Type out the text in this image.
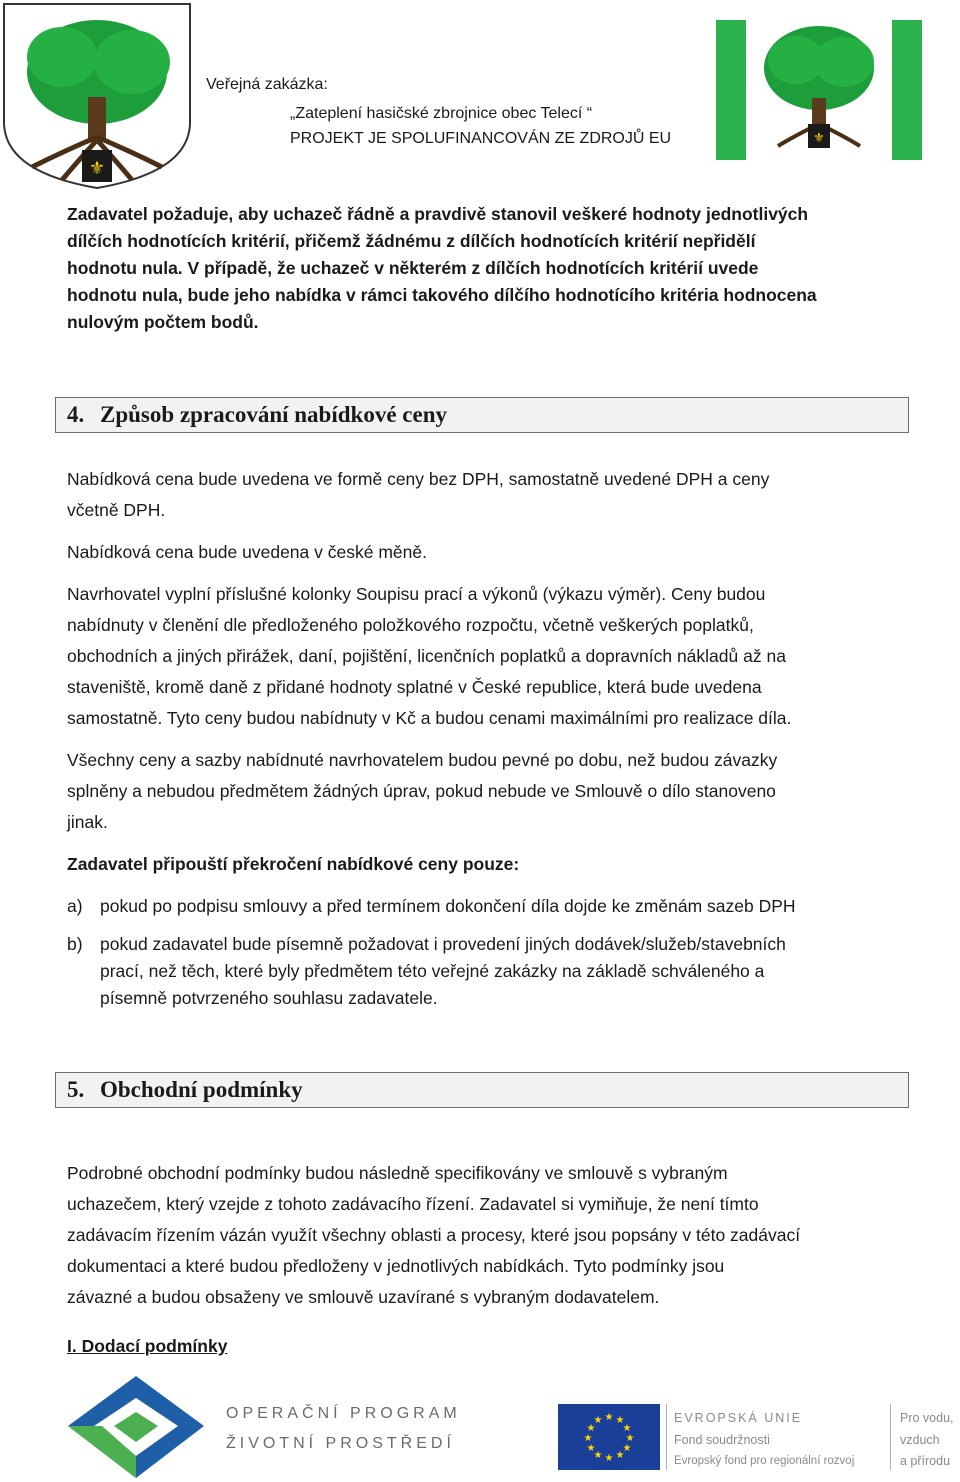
⚜
⚜
Veřejná zakázka:
„Zateplení hasičské zbrojnice obec Telecí “
PROJEKT JE SPOLUFINANCOVÁN ZE ZDROJŮ EU
Zadavatel požaduje, aby uchazeč řádně a pravdivě stanovil veškeré hodnoty jednotlivých
dílčích hodnotících kritérií, přičemž žádnému z dílčích hodnotících kritérií nepřidělí
hodnotu nula. V případě, že uchazeč v některém z dílčích hodnotících kritérií uvede
hodnotu nula, bude jeho nabídka v rámci takového dílčího hodnotícího kritéria hodnocena
nulovým počtem bodů.
4. Způsob zpracování nabídkové ceny
Nabídková cena bude uvedena ve formě ceny bez DPH, samostatně uvedené DPH a ceny
včetně DPH.
Nabídková cena bude uvedena v české měně.
Navrhovatel vyplní příslušné kolonky Soupisu prací a výkonů (výkazu výměr). Ceny budou
nabídnuty v členění dle předloženého položkového rozpočtu, včetně veškerých poplatků,
obchodních a jiných přirážek, daní, pojištění, licenčních poplatků a dopravních nákladů až na
staveniště, kromě daně z přidané hodnoty splatné v České republice, která bude uvedena
samostatně. Tyto ceny budou nabídnuty v Kč a budou cenami maximálními pro realizace díla.
Všechny ceny a sazby nabídnuté navrhovatelem budou pevné po dobu, než budou závazky
splněny a nebudou předmětem žádných úprav, pokud nebude ve Smlouvě o dílo stanoveno
jinak.
Zadavatel připouští překročení nabídkové ceny pouze:
a) pokud po podpisu smlouvy a před termínem dokončení díla dojde ke změnám sazeb DPH
b) pokud zadavatel bude písemně požadovat i provedení jiných dodávek/služeb/stavebních
prací, než těch, které byly předmětem této veřejné zakázky na základě schváleného a
písemně potvrzeného souhlasu zadavatele.
5. Obchodní podmínky
Podrobné obchodní podmínky budou následně specifikovány ve smlouvě s vybraným
uchazečem, který vzejde z tohoto zadávacího řízení. Zadavatel si vymiňuje, že není tímto
zadávacím řízením vázán využít všechny oblasti a procesy, které jsou popsány v této zadávací
dokumentaci a které budou předloženy v jednotlivých nabídkách. Tyto podmínky jsou
závazné a budou obsaženy ve smlouvě uzavírané s vybraným dodavatelem.
I. Dodací podmínky
OPERAČNÍ PROGRAM
ŽIVOTNÍ PROSTŘEDÍ
★ ★
★
★
★
★
★
★
★
★
★
★	EVROPSKÁ UNIE
Fond soudržnosti
Evropský fond pro regionální rozvoj
Pro vodu,
vzduch
a přírodu
